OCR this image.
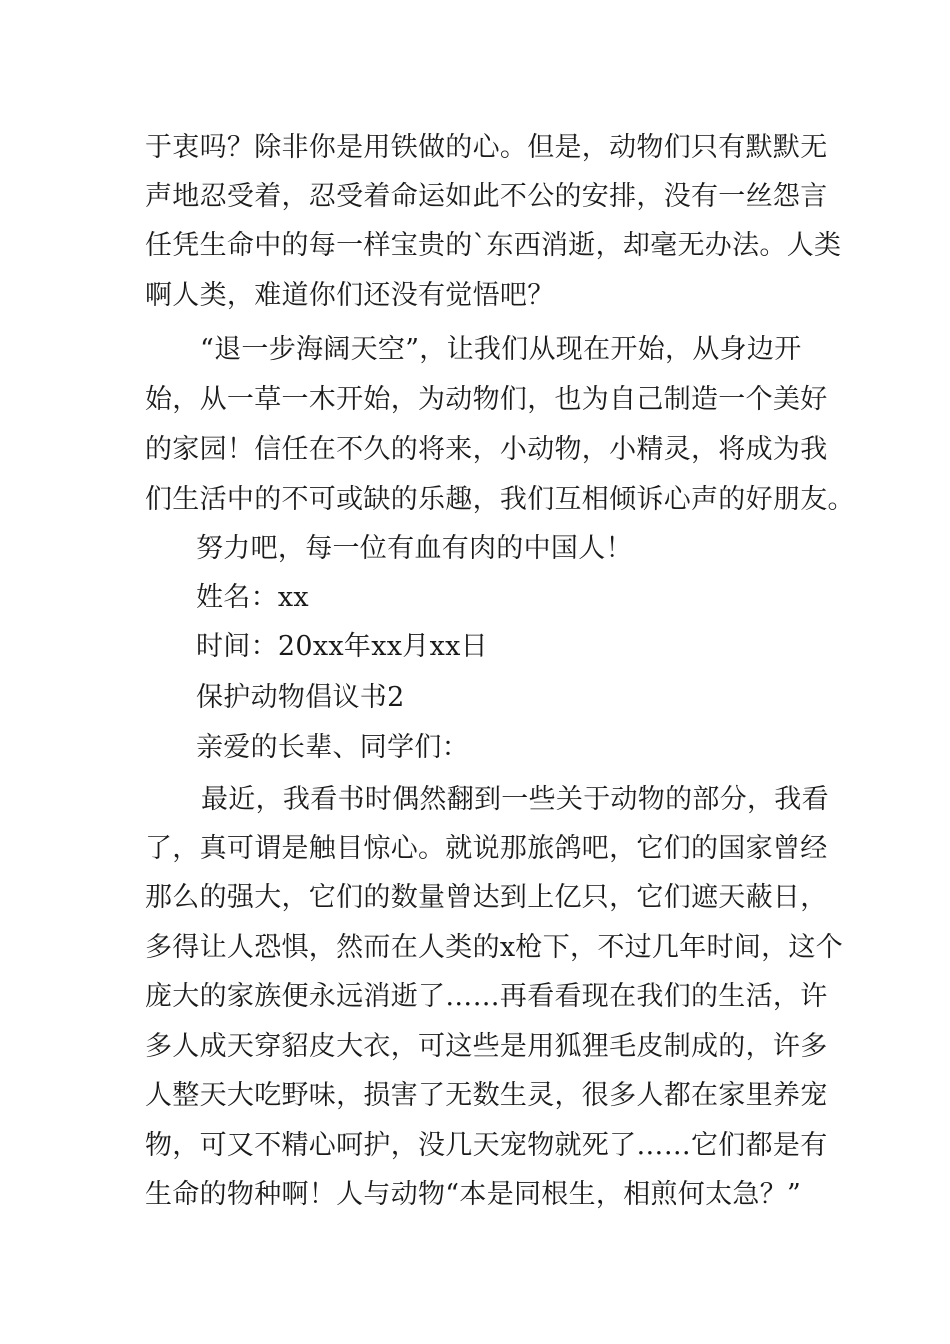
于衷吗？除非你是用铁做的心。但是，动物们只有默默无
声地忍受着，忍受着命运如此不公的安排，没有一丝怨言
任凭生命中的每一样宝贵的`东西消逝，却毫无办法。人类
啊人类，难道你们还没有觉悟吧？
“退一步海阔天空”，让我们从现在开始，从身边开
始，从一草一木开始，为动物们，也为自己制造一个美好
的家园！信任在不久的将来，小动物，小精灵，将成为我
们生活中的不可或缺的乐趣，我们互相倾诉心声的好朋友。
努力吧，每一位有血有肉的中国人！
姓名：xx
时间：20xx年xx月xx日
保护动物倡议书2
亲爱的长辈、同学们：
最近，我看书时偶然翻到一些关于动物的部分，我看
了，真可谓是触目惊心。就说那旅鸽吧，它们的国家曾经
那么的强大，它们的数量曾达到上亿只，它们遮天蔽日，
多得让人恐惧，然而在人类的x枪下，不过几年时间，这个
庞大的家族便永远消逝了……再看看现在我们的生活，许
多人成天穿貂皮大衣，可这些是用狐狸毛皮制成的，许多
人整天大吃野味，损害了无数生灵，很多人都在家里养宠
物，可又不精心呵护，没几天宠物就死了……它们都是有
生命的物种啊！人与动物“本是同根生，相煎何太急？”
